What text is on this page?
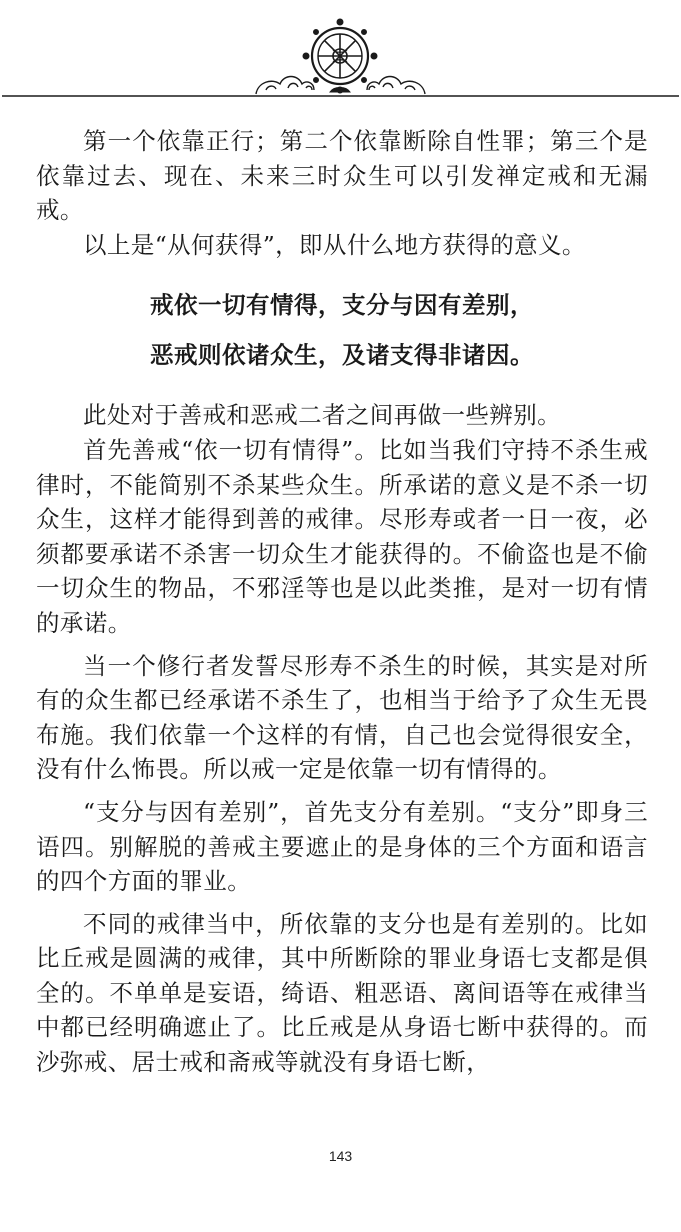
第一个依靠正行；第二个依靠断除自性罪；第三个是依靠过去、现在、未来三时众生可以引发禅定戒和无漏戒。

以上是“从何获得”，即从什么地方获得的意义。

戒依一切有情得，支分与因有差别，
恶戒则依诸众生，及诸支得非诸因。

此处对于善戒和恶戒二者之间再做一些辨别。

首先善戒“依一切有情得”。比如当我们守持不杀生戒律时，不能简别不杀某些众生。所承诺的意义是不杀一切众生，这样才能得到善的戒律。尽形寿或者一日一夜，必须都要承诺不杀害一切众生才能获得的。不偷盗也是不偷一切众生的物品，不邪淫等也是以此类推，是对一切有情的承诺。

当一个修行者发誓尽形寿不杀生的时候，其实是对所有的众生都已经承诺不杀生了，也相当于给予了众生无畏布施。我们依靠一个这样的有情，自己也会觉得很安全，没有什么怖畏。所以戒一定是依靠一切有情得的。

“支分与因有差别”，首先支分有差别。“支分”即身三语四。别解脱的善戒主要遮止的是身体的三个方面和语言的四个方面的罪业。

不同的戒律当中，所依靠的支分也是有差别的。比如比丘戒是圆满的戒律，其中所断除的罪业身语七支都是俱全的。不单单是妄语，绮语、粗恶语、离间语等在戒律当中都已经明确遮止了。比丘戒是从身语七断中获得的。而沙弥戒、居士戒和斋戒等就没有身语七断，

143
